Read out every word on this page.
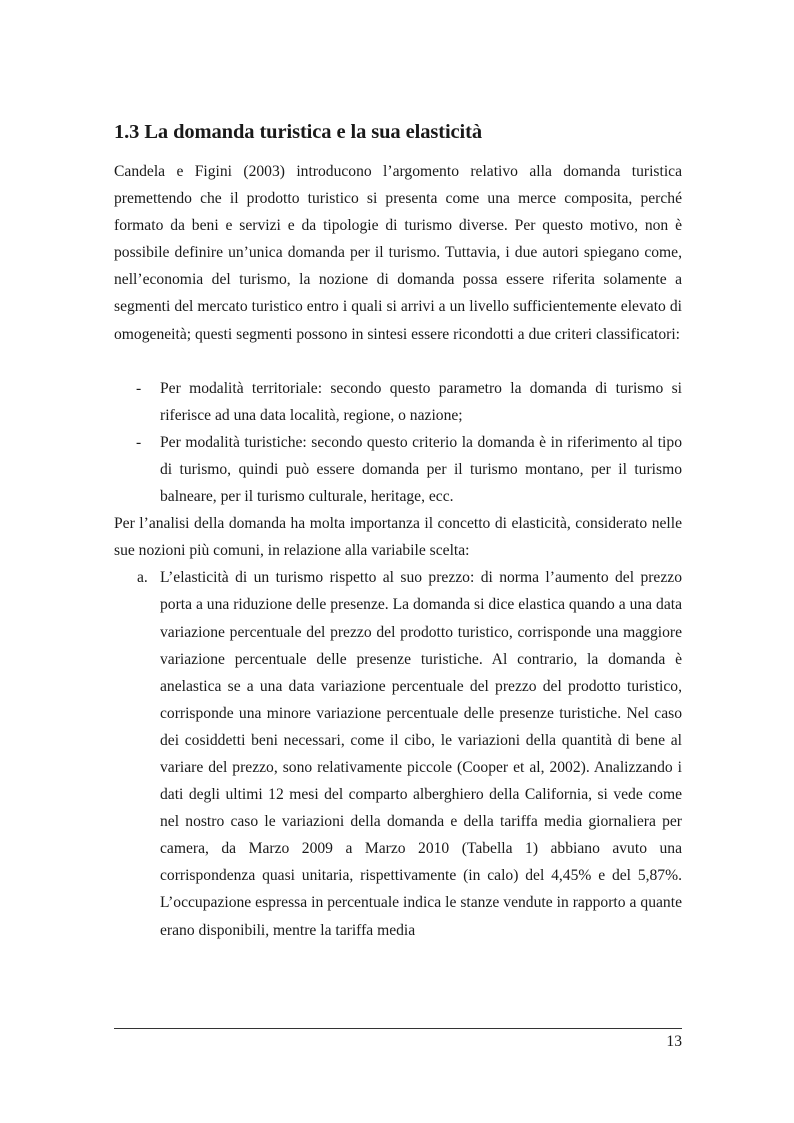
1.3 La domanda turistica e la sua elasticità

Candela e Figini (2003) introducono l’argomento relativo alla domanda turistica premettendo che il prodotto turistico si presenta come una merce composita, perché formato da beni e servizi e da tipologie di turismo diverse. Per questo motivo, non è possibile definire un’unica domanda per il turismo. Tuttavia, i due autori spiegano come, nell’economia del turismo, la nozione di domanda possa essere riferita solamente a segmenti del mercato turistico entro i quali si arrivi a un livello sufficientemente elevato di omogeneità; questi segmenti possono in sintesi essere ricondotti a due criteri classificatori:

- Per modalità territoriale: secondo questo parametro la domanda di turismo si riferisce ad una data località, regione, o nazione;
- Per modalità turistiche: secondo questo criterio la domanda è in riferimento al tipo di turismo, quindi può essere domanda per il turismo montano, per il turismo balneare, per il turismo culturale, heritage, ecc.

Per l’analisi della domanda ha molta importanza il concetto di elasticità, considerato nelle sue nozioni più comuni, in relazione alla variabile scelta:

a. L’elasticità di un turismo rispetto al suo prezzo: di norma l’aumento del prezzo porta a una riduzione delle presenze. La domanda si dice elastica quando a una data variazione percentuale del prezzo del prodotto turistico, corrisponde una maggiore variazione percentuale delle presenze turistiche. Al contrario, la domanda è anelastica se a una data variazione percentuale del prezzo del prodotto turistico, corrisponde una minore variazione percentuale delle presenze turistiche. Nel caso dei cosiddetti beni necessari, come il cibo, le variazioni della quantità di bene al variare del prezzo, sono relativamente piccole (Cooper et al, 2002). Analizzando i dati degli ultimi 12 mesi del comparto alberghiero della California, si vede come nel nostro caso le variazioni della domanda e della tariffa media giornaliera per camera, da Marzo 2009 a Marzo 2010 (Tabella 1) abbiano avuto una corrispondenza quasi unitaria, rispettivamente (in calo) del 4,45% e del 5,87%. L’occupazione espressa in percentuale indica le stanze vendute in rapporto a quante erano disponibili, mentre la tariffa media
13
